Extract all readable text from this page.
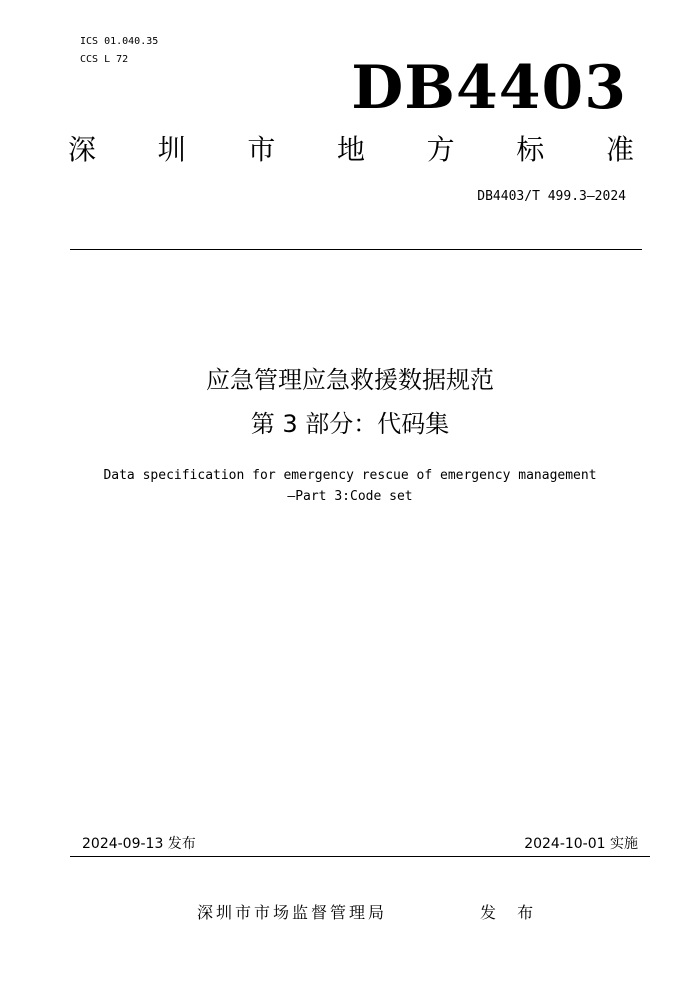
ICS 01.040.35
CCS L 72	DB4403
深 圳 市 地 方 标 准
DB4403/T 499.3—2024
应急管理应急救援数据规范
第 3 部分：代码集
Data specification for emergency rescue of emergency management
—Part 3:Code set
2024-09-13 发布	2024-10-01 实施
深圳市市场监督管理局	发 布
